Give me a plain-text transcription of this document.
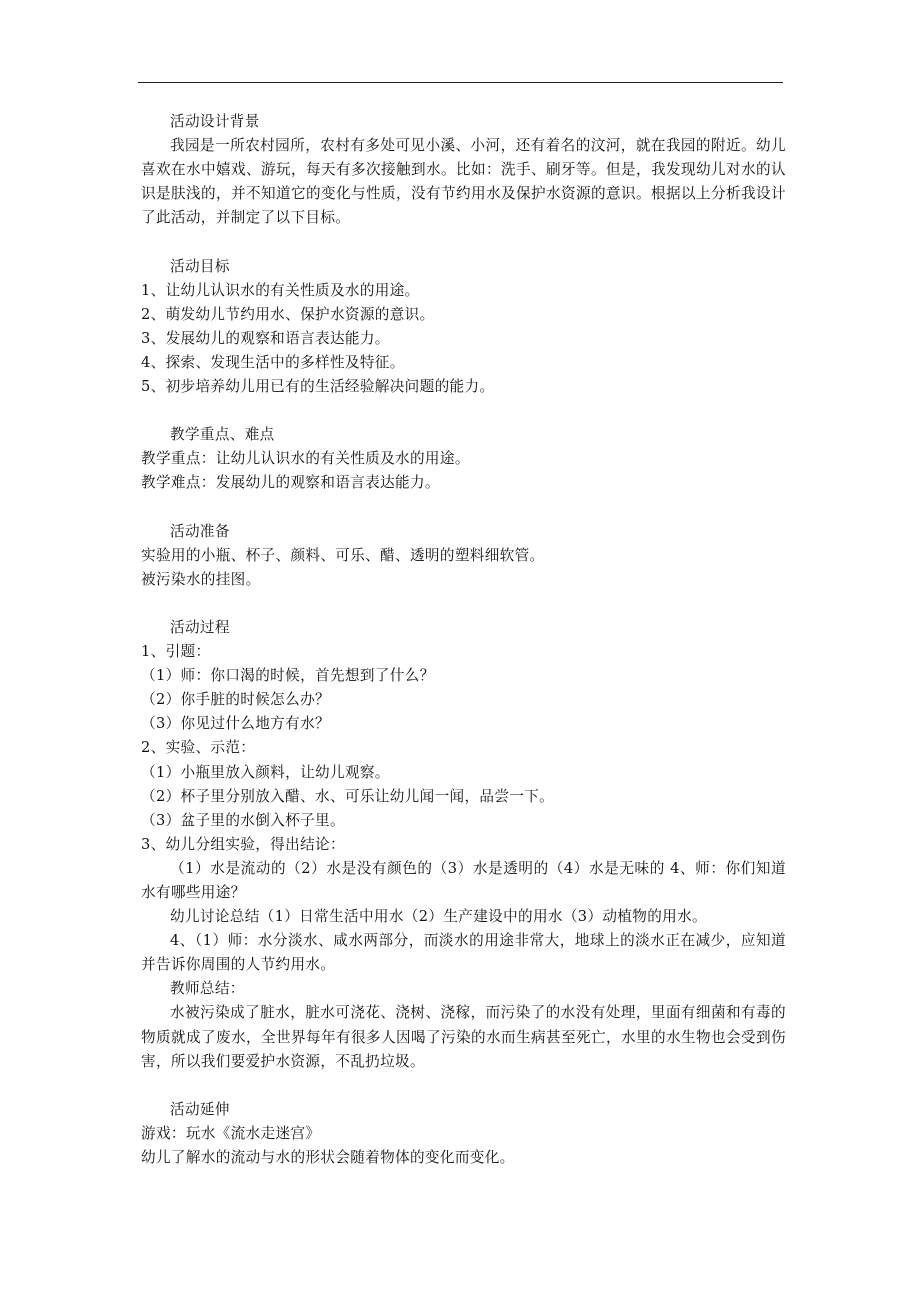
活动设计背景
我园是一所农村园所，农村有多处可见小溪、小河，还有着名的汶河，就在我园的附近。幼儿喜欢在水中嬉戏、游玩，每天有多次接触到水。比如：洗手、刷牙等。但是，我发现幼儿对水的认识是肤浅的，并不知道它的变化与性质，没有节约用水及保护水资源的意识。根据以上分析我设计了此活动，并制定了以下目标。
活动目标
1、让幼儿认识水的有关性质及水的用途。
2、萌发幼儿节约用水、保护水资源的意识。
3、发展幼儿的观察和语言表达能力。
4、探索、发现生活中的多样性及特征。
5、初步培养幼儿用已有的生活经验解决问题的能力。
教学重点、难点
教学重点：让幼儿认识水的有关性质及水的用途。
教学难点：发展幼儿的观察和语言表达能力。
活动准备
实验用的小瓶、杯子、颜料、可乐、醋、透明的塑料细软管。
被污染水的挂图。
活动过程
1、引题：
（1）师：你口渴的时候，首先想到了什么？
（2）你手脏的时候怎么办？
（3）你见过什么地方有水？
2、实验、示范：
（1）小瓶里放入颜料，让幼儿观察。
（2）杯子里分别放入醋、水、可乐让幼儿闻一闻，品尝一下。
（3）盆子里的水倒入杯子里。
3、幼儿分组实验，得出结论：
（1）水是流动的（2）水是没有颜色的（3）水是透明的（4）水是无味的 4、师：你们知道水有哪些用途？
幼儿讨论总结（1）日常生活中用水（2）生产建设中的用水（3）动植物的用水。
4、（1）师：水分淡水、咸水两部分，而淡水的用途非常大，地球上的淡水正在减少，应知道并告诉你周围的人节约用水。
教师总结：
水被污染成了脏水，脏水可浇花、浇树、浇稼，而污染了的水没有处理，里面有细菌和有毒的物质就成了废水，全世界每年有很多人因喝了污染的水而生病甚至死亡，水里的水生物也会受到伤害，所以我们要爱护水资源，不乱扔垃圾。
活动延伸
游戏：玩水《流水走迷宫》
幼儿了解水的流动与水的形状会随着物体的变化而变化。
